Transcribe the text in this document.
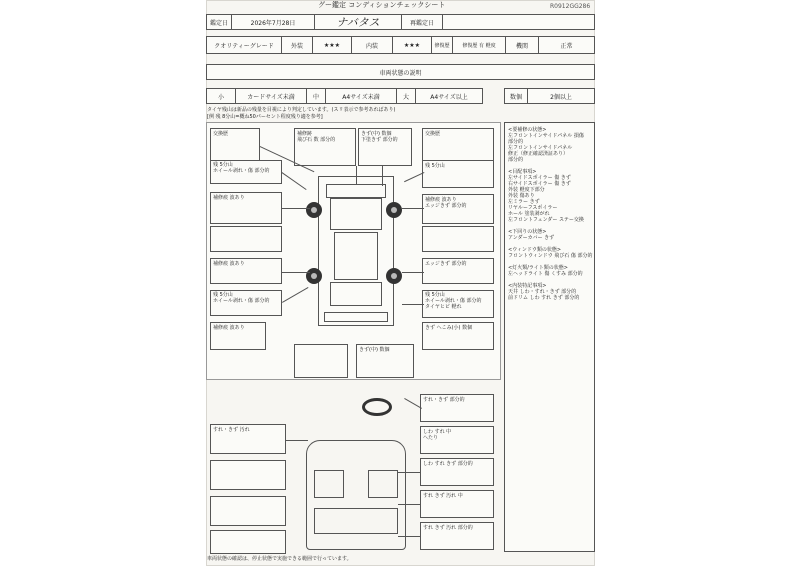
グー鑑定 コンディションチェックシート	R0912GG286
鑑定日	2026年7月28日	ナバタス	再鑑定日
クオリティーグレード	外装	★★★	内装	★★★	修復歴	修復歴 有 軽度	機関	正常
車両状態の説明
小	カードサイズ未満	中	A4サイズ未満	大	A4サイズ以上	数個	2個以上
タイヤ残山は新品の残量を目視により判定しています。(スリ表示で参考あればあり)
[例 残 8分山=概ね50パーセント程度残り適を参考]
交換歴	補修跡
飛び石 数 部分的
きず(中) 数個
下塗きず 部分的
交換歴
残 5分山
ホイール剥れ・傷 部分的
残 5分山
補修痕 波あり	補修痕 波あり
エッジきず 部分的
補修痕 波あり	エッジきず 部分的
残 5分山
ホイール剥れ・傷 部分的
残 5分山
ホイール剥れ・傷 部分的
タイヤヒビ 軽れ
補修痕 波あり	きず へこみ(小) 数個
きず(中) 数個
すれ・きず 汚れ
すれ・きず 部分的
しわ すれ 中
へたり
しわ すれ きず 部分的
すれ きず 汚れ 中
すれ きず 汚れ 部分的
<要補修の状態>
左フロントインサイドパネル 損傷
部分的
左フロントインサイドパネル
修正（修正確認済証あり）
部分的
<目配事項>
左サイドスポイラー 傷 きず
右サイドスポイラー 傷 きず
外装 軽度下部分
外装 傷あり
左ミラー きず
リヤルーフスポイラー
ホール 塗装剥がれ
左フロントフェンダー ステー交換
<下回りの状態>
アンダーカバー きず
<ウィンドウ類の状態>
フロントウィンドウ 飛び石 傷 部分的
<灯火類/ライト類の状態>
左ヘッドライト 傷 くすみ 部分的
<内装特記事項>
天井 しわ・すれ・きず 部分的
前ドリム しわ すれ きず 部分的
車両状態の確認は、停止状態で実施できる範囲で行っています。
